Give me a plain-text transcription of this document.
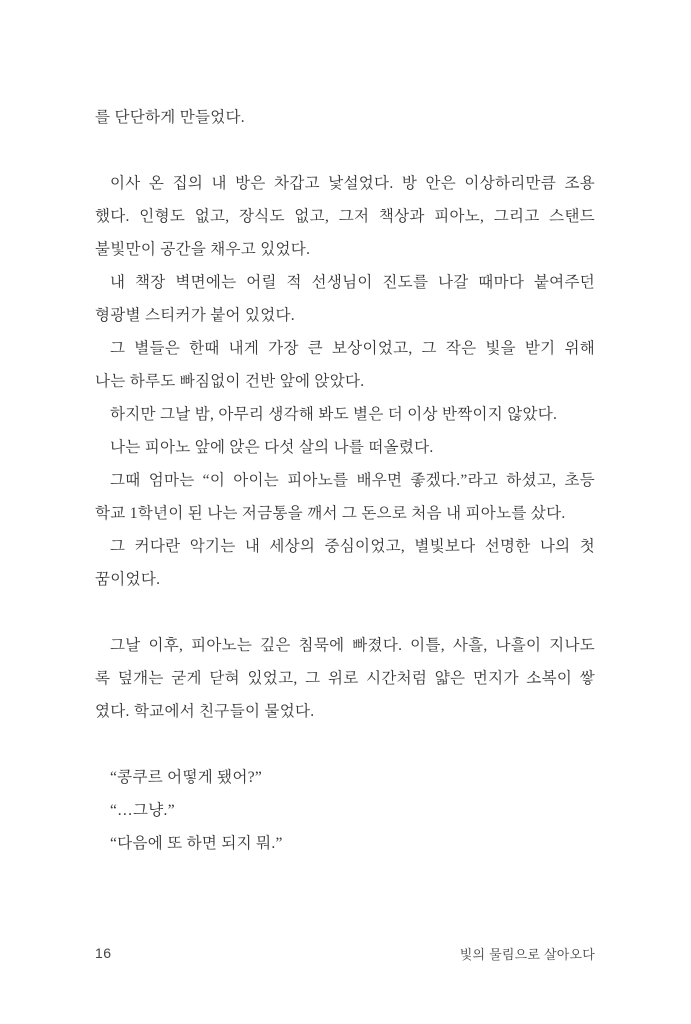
를 단단하게 만들었다.
이사 온 집의 내 방은 차갑고 낯설었다. 방 안은 이상하리만큼 조용
했다. 인형도 없고, 장식도 없고, 그저 책상과 피아노, 그리고 스탠드
불빛만이 공간을 채우고 있었다.
내 책장 벽면에는 어릴 적 선생님이 진도를 나갈 때마다 붙여주던
형광별 스티커가 붙어 있었다.
그 별들은 한때 내게 가장 큰 보상이었고, 그 작은 빛을 받기 위해
나는 하루도 빠짐없이 건반 앞에 앉았다.
하지만 그날 밤, 아무리 생각해 봐도 별은 더 이상 반짝이지 않았다.
나는 피아노 앞에 앉은 다섯 살의 나를 떠올렸다.
그때 엄마는 “이 아이는 피아노를 배우면 좋겠다.”라고 하셨고, 초등
학교 1학년이 된 나는 저금통을 깨서 그 돈으로 처음 내 피아노를 샀다.
그 커다란 악기는 내 세상의 중심이었고, 별빛보다 선명한 나의 첫
꿈이었다.
그날 이후, 피아노는 깊은 침묵에 빠졌다. 이틀, 사흘, 나흘이 지나도
록 덮개는 굳게 닫혀 있었고, 그 위로 시간처럼 얇은 먼지가 소복이 쌓
였다. 학교에서 친구들이 물었다.
“콩쿠르 어떻게 됐어?”
“…그냥.”
“다음에 또 하면 되지 뭐.”
16	빛의 물림으로 살아오다
